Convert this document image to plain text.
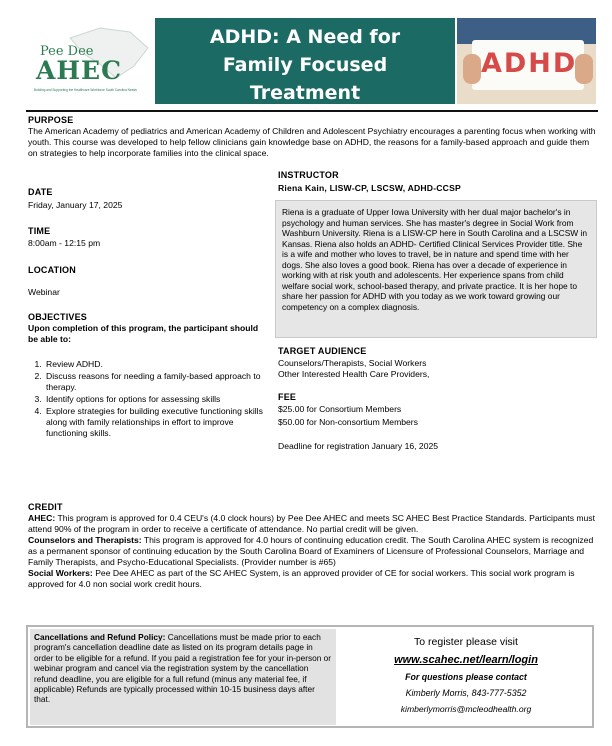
Pee Dee
AHEC
Building and Supporting the Healthcare Workforce South Carolina Needs
ADHD: A Need for
Family Focused
Treatment
ADHD
PURPOSE
The American Academy of pediatrics and American Academy of Children and Adolescent Psychiatry encourages a parenting focus when working with youth. This course was developed to help fellow clinicians gain knowledge base on ADHD, the reasons for a family-based approach and guide them on strategies to help incorporate families into the clinical space.
DATE
Friday, January 17, 2025
TIME
8:00am - 12:15 pm
LOCATION
Webinar
OBJECTIVES
Upon completion of this program, the participant should be able to:
1. Review ADHD.
2. Discuss reasons for needing a family-based approach to therapy.
3. Identify options for options for assessing skills
4. Explore strategies for building executive functioning skills along with family relationships in effort to improve functioning skills.
INSTRUCTOR
Riena Kain, LISW-CP, LSCSW, ADHD-CCSP
Riena is a graduate of Upper Iowa University with her dual major bachelor's in psychology and human services. She has master's degree in Social Work from Washburn University. Riena is a LISW-CP here in South Carolina and a LSCSW in Kansas. Riena also holds an ADHD- Certified Clinical Services Provider title. She is a wife and mother who loves to travel, be in nature and spend time with her dogs. She also loves a good book. Riena has over a decade of experience in working with at risk youth and adolescents. Her experience spans from child welfare social work, school-based therapy, and private practice. It is her hope to share her passion for ADHD with you today as we work toward growing our competency on a complex diagnosis.
TARGET AUDIENCE
Counselors/Therapists, Social Workers
Other Interested Health Care Providers,
FEE
$25.00 for Consortium Members
$50.00 for Non-consortium Members
Deadline for registration January 16, 2025
CREDIT
AHEC: This program is approved for 0.4 CEU's (4.0 clock hours) by Pee Dee AHEC and meets SC AHEC Best Practice Standards. Participants must attend 90% of the program in order to receive a certificate of attendance. No partial credit will be given.
Counselors and Therapists: This program is approved for 4.0 hours of continuing education credit. The South Carolina AHEC system is recognized as a permanent sponsor of continuing education by the South Carolina Board of Examiners of Licensure of Professional Counselors, Marriage and Family Therapists, and Psycho-Educational Specialists. (Provider number is #65)
Social Workers: Pee Dee AHEC as part of the SC AHEC System, is an approved provider of CE for social workers. This social work program is approved for 4.0 non social work credit hours.
Cancellations and Refund Policy: Cancellations must be made prior to each program's cancellation deadline date as listed on its program details page in order to be eligible for a refund. If you paid a registration fee for your in-person or webinar program and cancel via the registration system by the cancellation refund deadline, you are eligible for a full refund (minus any material fee, if applicable) Refunds are typically processed within 10-15 business days after that.
To register please visit
www.scahec.net/learn/login
For questions please contact
Kimberly Morris, 843-777-5352
kimberlymorris@mcleodhealth.org
